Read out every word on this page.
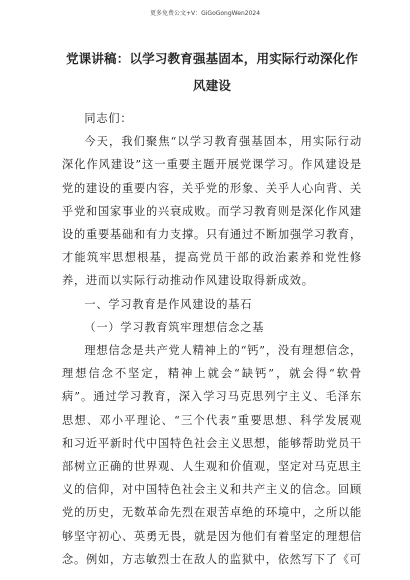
更多免费公文+V：GiGoGongWen2024
党课讲稿：以学习教育强基固本，用实际行动深化作风建设

同志们：

今天，我们聚焦“以学习教育强基固本，用实际行动深化作风建设”这一重要主题开展党课学习。作风建设是党的建设的重要内容，关乎党的形象、关乎人心向背、关乎党和国家事业的兴衰成败。而学习教育则是深化作风建设的重要基础和有力支撑。只有通过不断加强学习教育，才能筑牢思想根基，提高党员干部的政治素养和党性修养，进而以实际行动推动作风建设取得新成效。

一、学习教育是作风建设的基石

（一）学习教育筑牢理想信念之基

理想信念是共产党人精神上的“钙”，没有理想信念，理想信念不坚定，精神上就会“缺钙”，就会得“软骨病”。通过学习教育，深入学习马克思列宁主义、毛泽东思想、邓小平理论、“三个代表”重要思想、科学发展观和习近平新时代中国特色社会主义思想，能够帮助党员干部树立正确的世界观、人生观和价值观，坚定对马克思主义的信仰，对中国特色社会主义和共产主义的信念。回顾党的历史，无数革命先烈在艰苦卓绝的环境中，之所以能够坚守初心、英勇无畏，就是因为他们有着坚定的理想信念。例如，方志敏烈士在敌人的监狱中，依然写下了《可
